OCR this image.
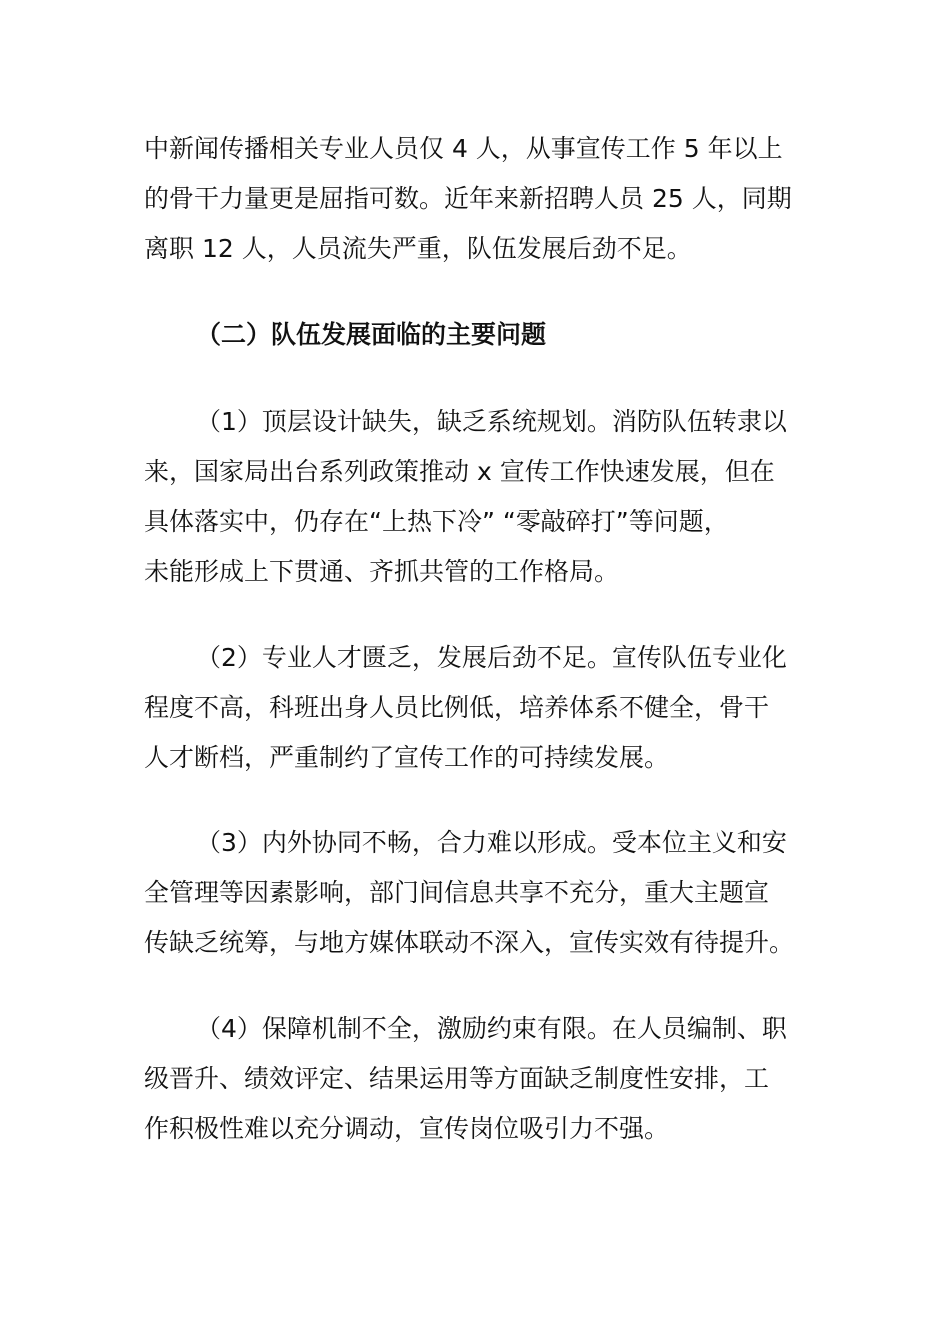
中新闻传播相关专业人员仅 4 人，从事宣传工作 5 年以上
的骨干力量更是屈指可数。近年来新招聘人员 25 人，同期
离职 12 人，人员流失严重，队伍发展后劲不足。
（二）队伍发展面临的主要问题
（1）顶层设计缺失，缺乏系统规划。消防队伍转隶以
来，国家局出台系列政策推动 x 宣传工作快速发展，但在
具体落实中，仍存在“上热下冷” “零敲碎打”等问题，
未能形成上下贯通、齐抓共管的工作格局。
（2）专业人才匮乏，发展后劲不足。宣传队伍专业化
程度不高，科班出身人员比例低，培养体系不健全，骨干
人才断档，严重制约了宣传工作的可持续发展。
（3）内外协同不畅，合力难以形成。受本位主义和安
全管理等因素影响，部门间信息共享不充分，重大主题宣
传缺乏统筹，与地方媒体联动不深入，宣传实效有待提升。
（4）保障机制不全，激励约束有限。在人员编制、职
级晋升、绩效评定、结果运用等方面缺乏制度性安排，工
作积极性难以充分调动，宣传岗位吸引力不强。
